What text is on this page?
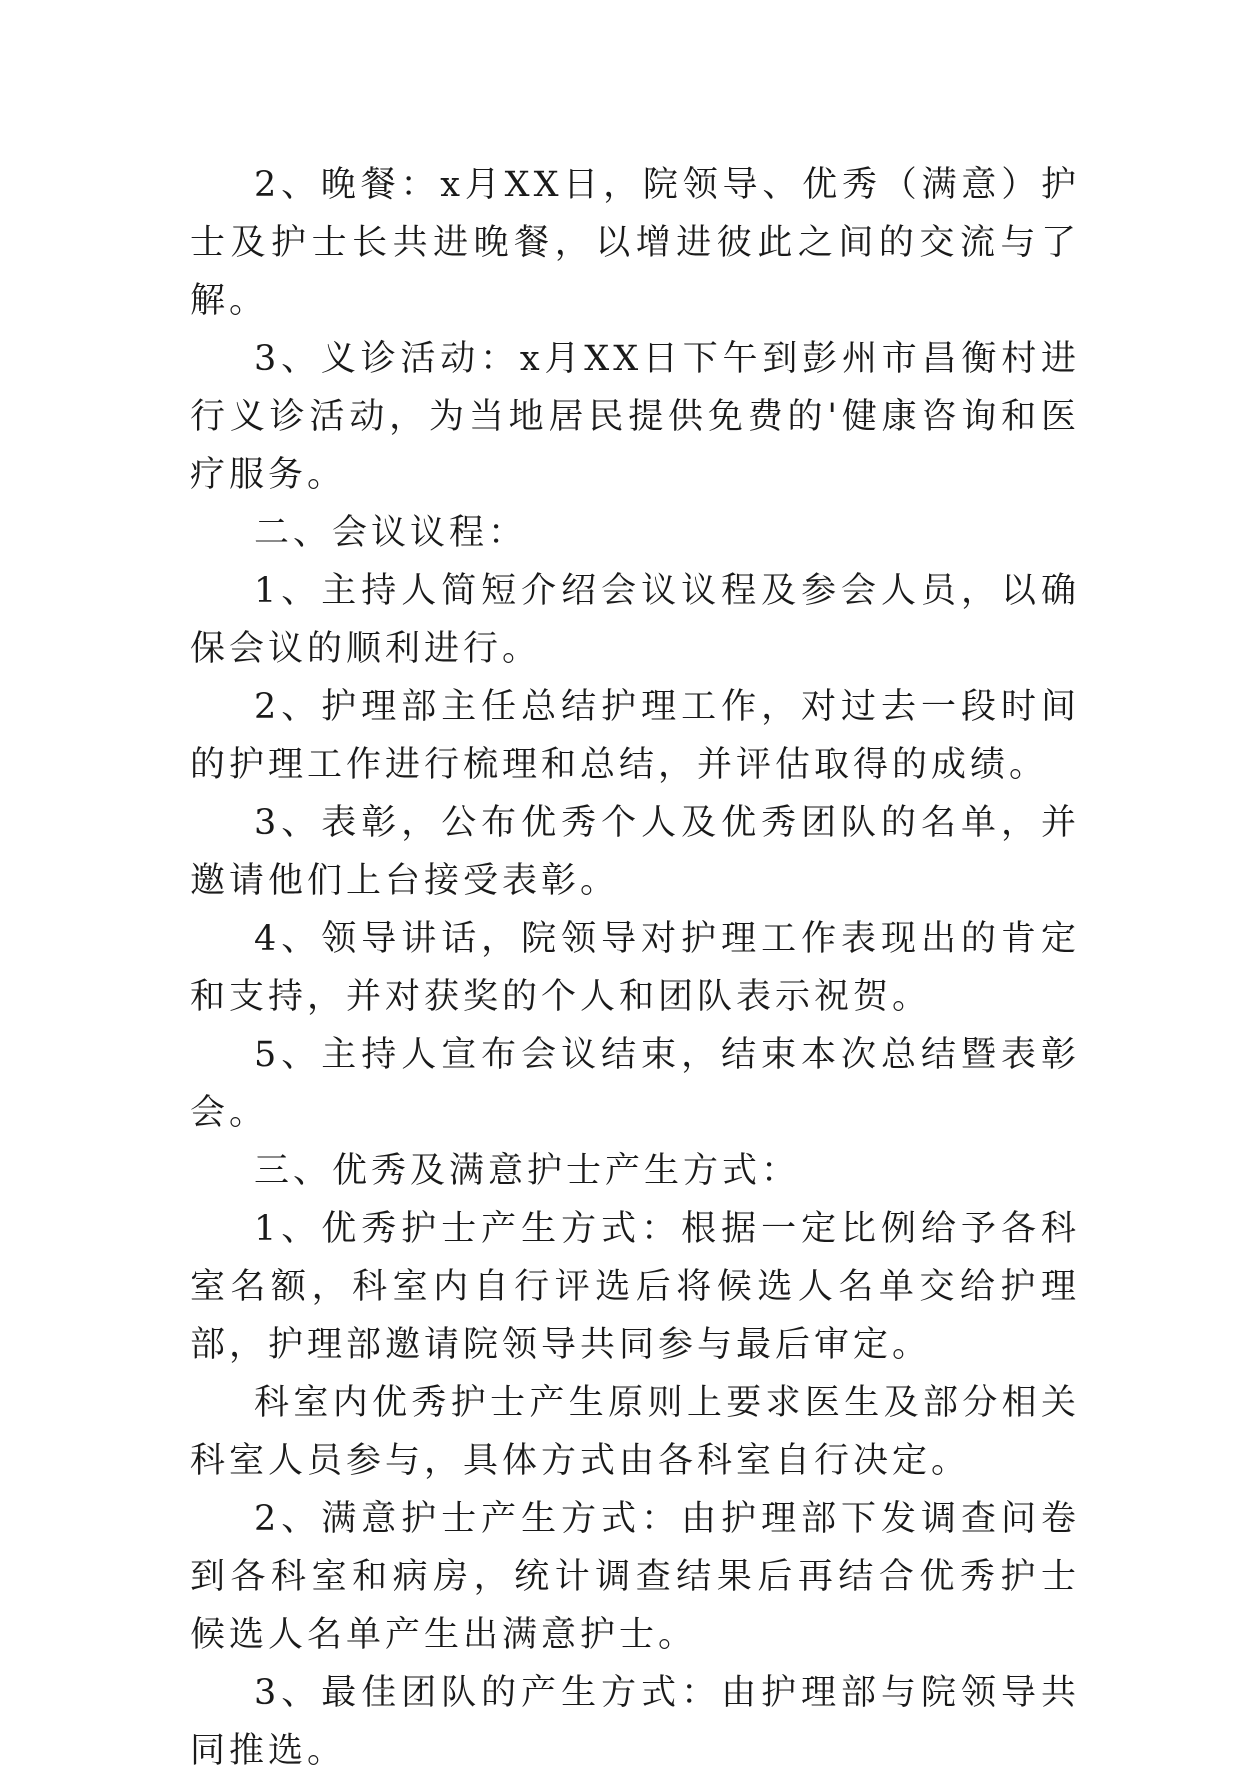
2、晚餐：x月XX日，院领导、优秀（满意）护士及护士长共进晚餐，以增进彼此之间的交流与了解。

3、义诊活动：x月XX日下午到彭州市昌衡村进行义诊活动，为当地居民提供免费的'健康咨询和医疗服务。

二、会议议程：

1、主持人简短介绍会议议程及参会人员，以确保会议的顺利进行。

2、护理部主任总结护理工作，对过去一段时间的护理工作进行梳理和总结，并评估取得的成绩。

3、表彰，公布优秀个人及优秀团队的名单，并邀请他们上台接受表彰。

4、领导讲话，院领导对护理工作表现出的肯定和支持，并对获奖的个人和团队表示祝贺。

5、主持人宣布会议结束，结束本次总结暨表彰会。

三、优秀及满意护士产生方式：

1、优秀护士产生方式：根据一定比例给予各科室名额，科室内自行评选后将候选人名单交给护理部，护理部邀请院领导共同参与最后审定。

科室内优秀护士产生原则上要求医生及部分相关科室人员参与，具体方式由各科室自行决定。

2、满意护士产生方式：由护理部下发调查问卷到各科室和病房，统计调查结果后再结合优秀护士候选人名单产生出满意护士。

3、最佳团队的产生方式：由护理部与院领导共同推选。
